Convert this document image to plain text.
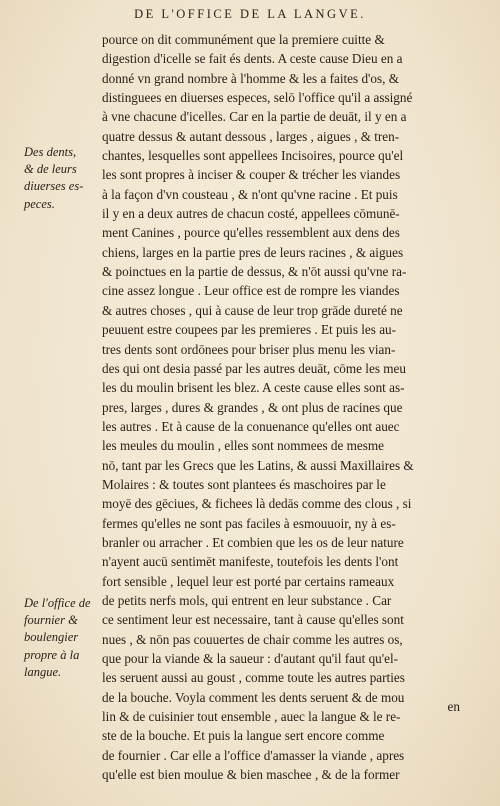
DE L'OFFICE DE LA LANGVE.
Des dents,
& de leurs
diuerses es-
peces.
De l'office de
fournier &
boulengier
propre à la
langue.
pource on dit communément que la premiere cuitte &
digestion d'icelle se fait és dents. A ceste cause Dieu en a
donné vn grand nombre à l'homme & les a faites d'os, &
distinguees en diuerses especes, selō l'office qu'il a assigné
à vne chacune d'icelles. Car en la partie de deuāt, il y en a
quatre dessus & autant dessous , larges , aigues , & tren-
chantes, lesquelles sont appellees Incisoires, pource qu'el
les sont propres à inciser & couper & trécher les viandes
à la façon d'vn cousteau , & n'ont qu'vne racine . Et puis
il y en a deux autres de chacun costé, appellees cōmunē-
ment Canines , pource qu'elles ressemblent aux dens des
chiens, larges en la partie pres de leurs racines , & aigues
& poinctues en la partie de dessus, & n'ōt aussi qu'vne ra-
cine assez longue . Leur office est de rompre les viandes
& autres choses , qui à cause de leur trop grāde dureté ne
peuuent estre coupees par les premieres . Et puis les au-
tres dents sont ordōnees pour briser plus menu les vian-
des qui ont desia passé par les autres deuāt, cōme les meu
les du moulin brisent les blez. A ceste cause elles sont as-
pres, larges , dures & grandes , & ont plus de racines que
les autres . Et à cause de la conuenance qu'elles ont auec
les meules du moulin , elles sont nommees de mesme
nō, tant par les Grecs que les Latins, & aussi Maxillaires &
Molaires : & toutes sont plantees és maschoires par le
moyē des gēciues, & fichees là dedās comme des clous , si
fermes qu'elles ne sont pas faciles à esmouuoir, ny à es-
branler ou arracher . Et combien que les os de leur nature
n'ayent aucū sentimēt manifeste, toutefois les dents l'ont
fort sensible , lequel leur est porté par certains rameaux
de petits nerfs mols, qui entrent en leur substance . Car
ce sentiment leur est necessaire, tant à cause qu'elles sont
nues , & nōn pas couuertes de chair comme les autres os,
que pour la viande & la saueur : d'autant qu'il faut qu'el-
les seruent aussi au goust , comme toute les autres parties
de la bouche. Voyla comment les dents seruent & de mou
lin & de cuisinier tout ensemble , auec la langue & le re-
ste de la bouche. Et puis la langue sert encore comme
de fournier . Car elle a l'office d'amasser la viande , apres
qu'elle est bien moulue & bien maschee , & de la former
en
